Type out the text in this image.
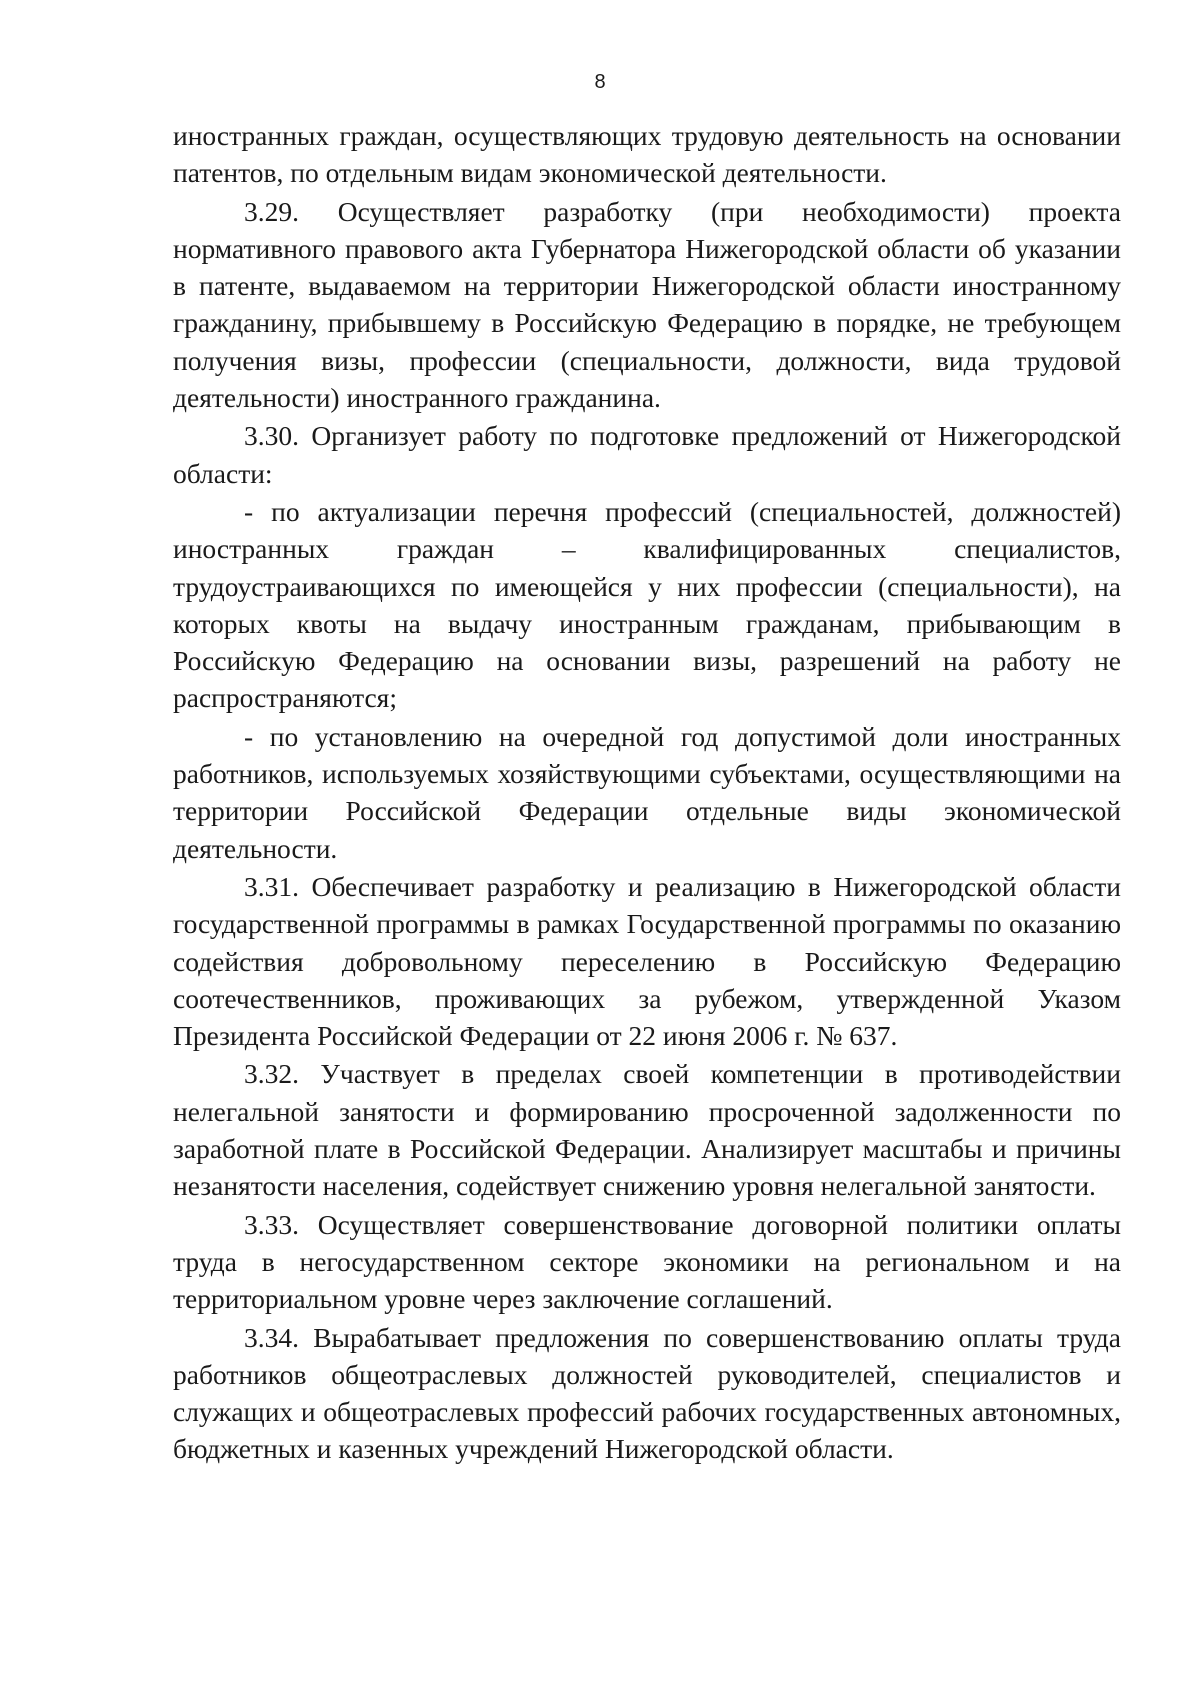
8

иностранных граждан, осуществляющих трудовую деятельность на основании патентов, по отдельным видам экономической деятельности.

3.29. Осуществляет разработку (при необходимости) проекта нормативного правового акта Губернатора Нижегородской области об указании в патенте, выдаваемом на территории Нижегородской области иностранному гражданину, прибывшему в Российскую Федерацию в порядке, не требующем получения визы, профессии (специальности, должности, вида трудовой деятельности) иностранного гражданина.

3.30. Организует работу по подготовке предложений от Нижегородской области:

- по актуализации перечня профессий (специальностей, должностей) иностранных граждан – квалифицированных специалистов, трудоустраивающихся по имеющейся у них профессии (специальности), на которых квоты на выдачу иностранным гражданам, прибывающим в Российскую Федерацию на основании визы, разрешений на работу не распространяются;

- по установлению на очередной год допустимой доли иностранных работников, используемых хозяйствующими субъектами, осуществляющими на территории Российской Федерации отдельные виды экономической деятельности.

3.31. Обеспечивает разработку и реализацию в Нижегородской области государственной программы в рамках Государственной программы по оказанию содействия добровольному переселению в Российскую Федерацию соотечественников, проживающих за рубежом, утвержденной Указом Президента Российской Федерации от 22 июня 2006 г. № 637.

3.32. Участвует в пределах своей компетенции в противодействии нелегальной занятости и формированию просроченной задолженности по заработной плате в Российской Федерации. Анализирует масштабы и причины незанятости населения, содействует снижению уровня нелегальной занятости.

3.33. Осуществляет совершенствование договорной политики оплаты труда в негосударственном секторе экономики на региональном и на территориальном уровне через заключение соглашений.

3.34. Вырабатывает предложения по совершенствованию оплаты труда работников общеотраслевых должностей руководителей, специалистов и служащих и общеотраслевых профессий рабочих государственных автономных, бюджетных и казенных учреждений Нижегородской области.
